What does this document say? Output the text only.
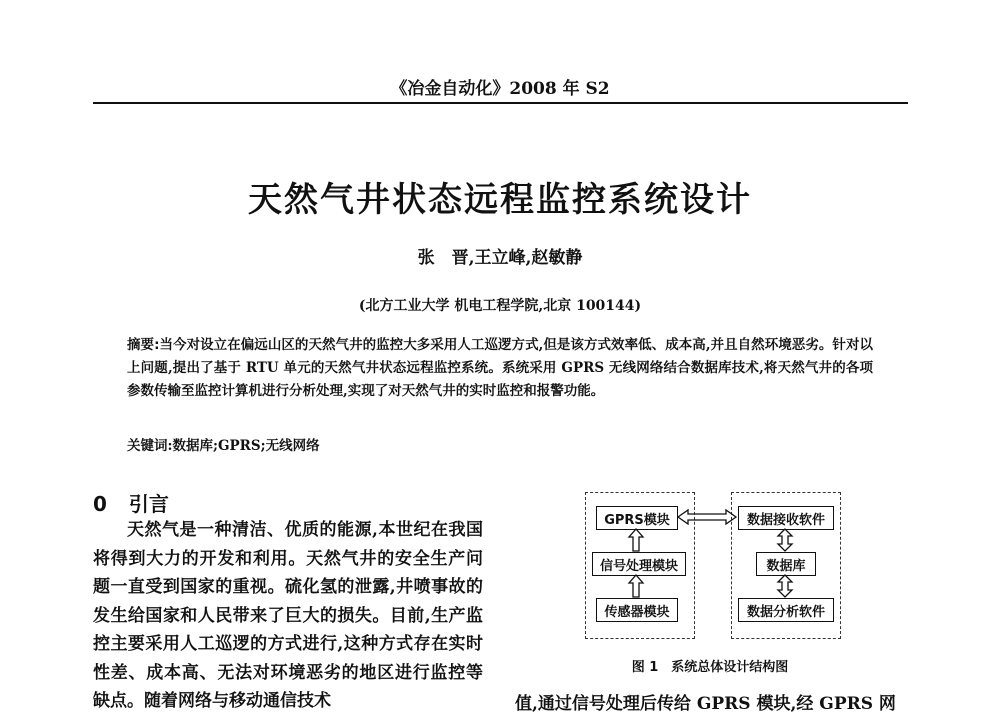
《冶金自动化》2008 年 S2
天然气井状态远程监控系统设计
张　晋,王立峰,赵敏静
(北方工业大学 机电工程学院,北京 100144)
摘要:当今对设立在偏远山区的天然气井的监控大多采用人工巡逻方式,但是该方式效率低、成本高,并且自然环境恶劣。针对以上问题,提出了基于 RTU 单元的天然气井状态远程监控系统。系统采用 GPRS 无线网络结合数据库技术,将天然气井的各项参数传输至监控计算机进行分析处理,实现了对天然气井的实时监控和报警功能。
关键词:数据库;GPRS;无线网络
0 引言
天然气是一种清洁、优质的能源,本世纪在我国将得到大力的开发和利用。天然气井的安全生产问题一直受到国家的重视。硫化氢的泄露,井喷事故的发生给国家和人民带来了巨大的损失。目前,生产监控主要采用人工巡逻的方式进行,这种方式存在实时性差、成本高、无法对环境恶劣的地区进行监控等缺点。随着网络与移动通信技术
GPRS模块
信号处理模块
传感器模块
数据接收软件
数据库
数据分析软件
图 1　系统总体设计结构图
值,通过信号处理后传给 GPRS 模块,经 GPRS 网
